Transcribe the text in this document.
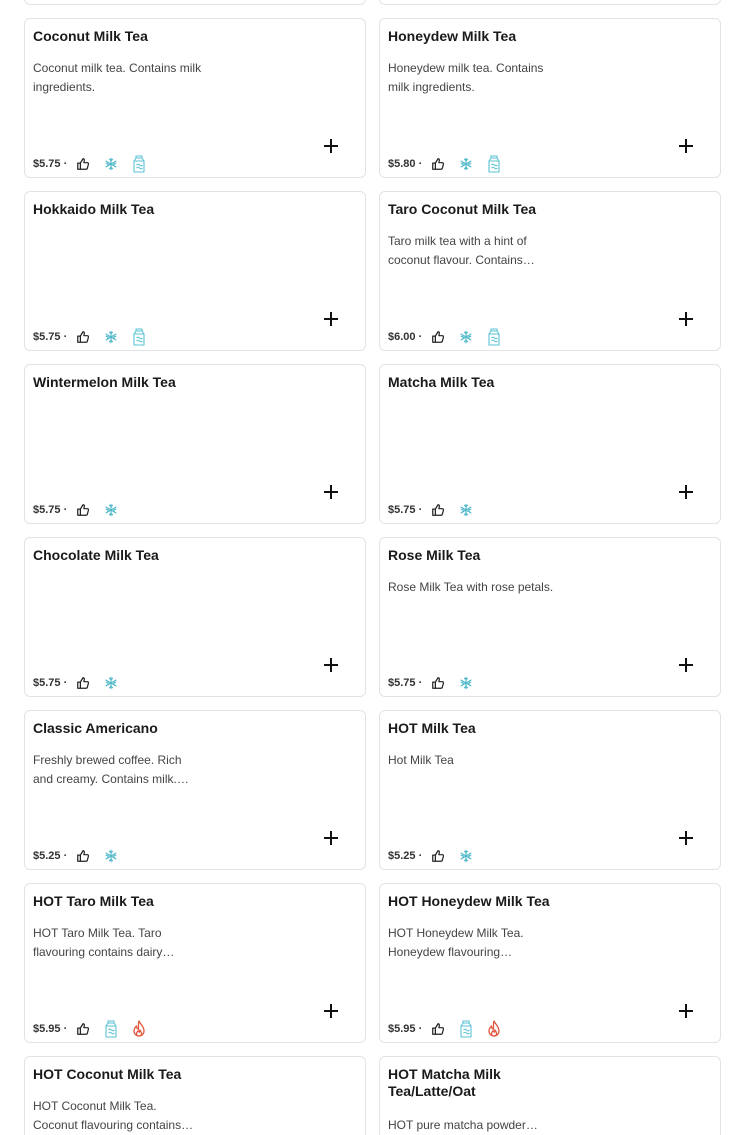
Coconut Milk Tea
Coconut milk tea. Contains milk ingredients.
$5.75 ·
Honeydew Milk Tea
Honeydew milk tea. Contains milk ingredients.
$5.80 ·
Hokkaido Milk Tea
$5.75 ·
Taro Coconut Milk Tea
Taro milk tea with a hint of coconut flavour. Contains…
$6.00 ·
Wintermelon Milk Tea
$5.75 ·
Matcha Milk Tea
$5.75 ·
Chocolate Milk Tea
$5.75 ·
Rose Milk Tea
Rose Milk Tea with rose petals.
$5.75 ·
Classic Americano
Freshly brewed coffee. Rich and creamy. Contains milk.…
$5.25 ·
HOT Milk Tea
Hot Milk Tea
$5.25 ·
HOT Taro Milk Tea
HOT Taro Milk Tea. Taro flavouring contains dairy…
$5.95 ·
HOT Honeydew Milk Tea
HOT Honeydew Milk Tea. Honeydew flavouring…
$5.95 ·
HOT Coconut Milk Tea
HOT Coconut Milk Tea. Coconut flavouring contains…
HOT Matcha Milk Tea/Latte/Oat
HOT pure matcha powder…
